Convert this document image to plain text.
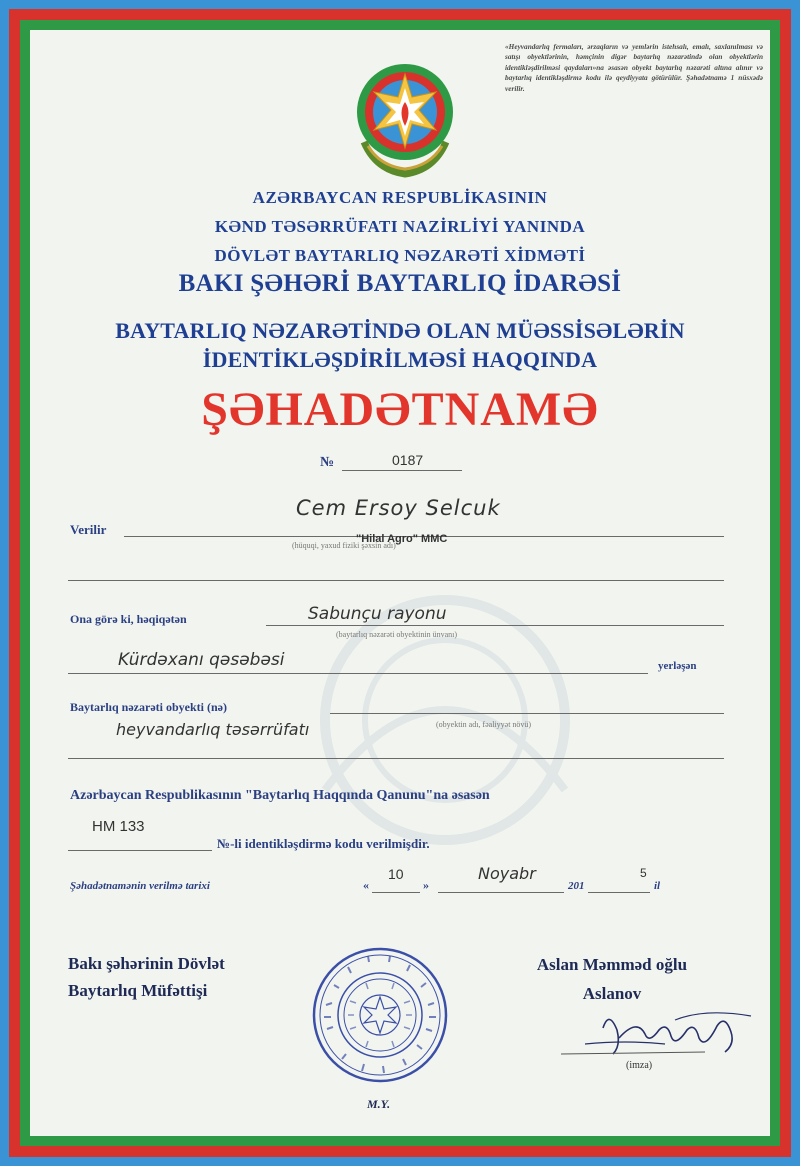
«Heyvandarlıq fermaları, ərzaqların və yemlərin istehsalı, emalı, saxlanılması və satışı obyektlərinin, həmçinin digər baytarlıq nəzarətində olan obyektlərin identikləşdirilməsi qaydaları»na əsasən obyekt baytarlıq nəzarəti altına alınır və baytarlıq identikləşdirmə kodu ilə qeydiyyata götürülür. Şəhadətnamə 1 nüsxədə verilir.
AZƏRBAYCAN RESPUBLİKASININ
KƏND TƏSƏRRÜFATI NAZİRLİYİ YANINDA
DÖVLƏT BAYTARLIQ NƏZARƏTİ XİDMƏTİ
BAKI ŞƏHƏRİ BAYTARLIQ İDARƏSİ
BAYTARLIQ NƏZARƏTİNDƏ OLAN MÜƏSSİSƏLƏRİN
İDENTİKLƏŞDİRİLMƏSİ HAQQINDA
ŞƏHADƏTNAMƏ
№	0187
Verilir
Cem Ersoy Selcuk
(hüquqi, yaxud fiziki şəxsin adı)
"Hilal Agro" MMC
Ona görə ki, həqiqətən	Sabunçu rayonu
(baytarlıq nəzarəti obyektinin ünvanı)
Kürdəxanı qəsəbəsi	yerləşən
Baytarlıq nəzarəti obyekti (nə)
(obyektin adı, fəaliyyət növü)
heyvandarlıq təsərrüfatı
Azərbaycan Respublikasının "Baytarlıq Haqqında Qanunu"na əsasən
HM 133
№-li identikləşdirmə kodu verilmişdir.
Şəhadətnamənin verilmə tarixi	«
10
»
Noyabr
201
5
il
Bakı şəhərinin Dövlət
Baytarlıq Müfəttişi
M.Y.
Aslan Məmməd oğlu
Aslanov
(imza)
